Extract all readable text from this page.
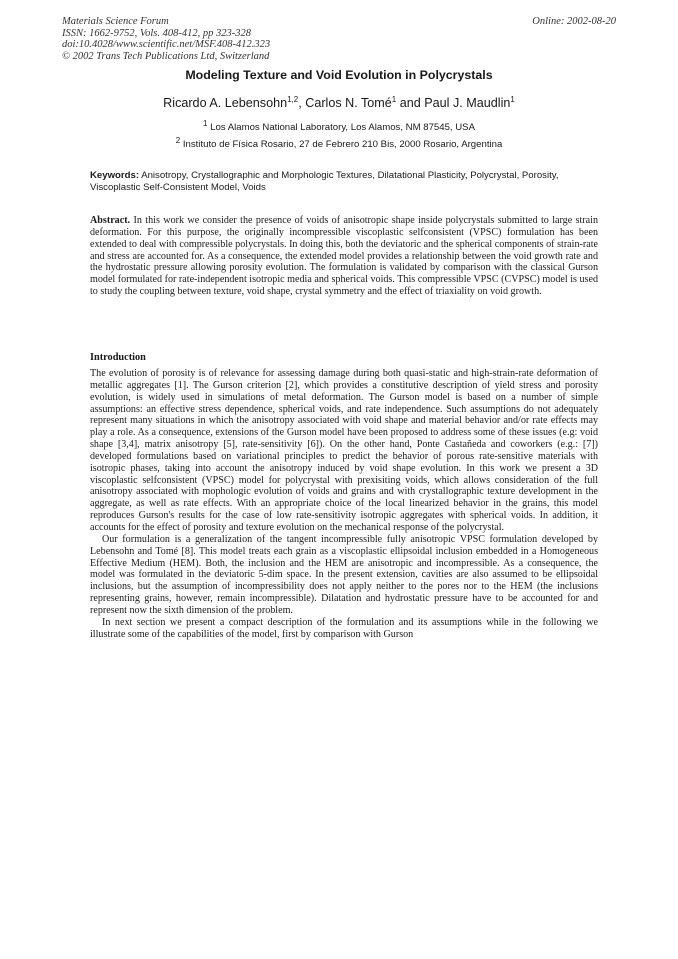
Materials Science Forum
ISSN: 1662-9752, Vols. 408-412, pp 323-328
doi:10.4028/www.scientific.net/MSF.408-412.323
© 2002 Trans Tech Publications Ltd, Switzerland
Online: 2002-08-20
Modeling Texture and Void Evolution in Polycrystals
Ricardo A. Lebensohn$^{1,2}$, Carlos N. Tomé$^1$ and Paul J. Maudlin$^1$
$^1$ Los Alamos National Laboratory, Los Alamos, NM 87545, USA
$^2$ Instituto de Física Rosario, 27 de Febrero 210 Bis, 2000 Rosario, Argentina
Keywords: Anisotropy, Crystallographic and Morphologic Textures, Dilatational Plasticity, Polycrystal, Porosity, Viscoplastic Self-Consistent Model, Voids
Abstract. In this work we consider the presence of voids of anisotropic shape inside polycrystals submitted to large strain deformation. For this purpose, the originally incompressible viscoplastic selfconsistent (VPSC) formulation has been extended to deal with compressible polycrystals. In doing this, both the deviatoric and the spherical components of strain-rate and stress are accounted for. As a consequence, the extended model provides a relationship between the void growth rate and the hydrostatic pressure allowing porosity evolution. The formulation is validated by comparison with the classical Gurson model formulated for rate-independent isotropic media and spherical voids. This compressible VPSC (CVPSC) model is used to study the coupling between texture, void shape, crystal symmetry and the effect of triaxiality on void growth.
Introduction

The evolution of porosity is of relevance for assessing damage during both quasi-static and high-strain-rate deformation of metallic aggregates [1]. The Gurson criterion [2], which provides a constitutive description of yield stress and porosity evolution, is widely used in simulations of metal deformation. The Gurson model is based on a number of simple assumptions: an effective stress dependence, spherical voids, and rate independence. Such assumptions do not adequately represent many situations in which the anisotropy associated with void shape and material behavior and/or rate effects may play a role. As a consequence, extensions of the Gurson model have been proposed to address some of these issues (e.g: void shape [3,4], matrix anisotropy [5], rate-sensitivity [6]). On the other hand, Ponte Castañeda and coworkers (e.g.: [7]) developed formulations based on variational principles to predict the behavior of porous rate-sensitive materials with isotropic phases, taking into account the anisotropy induced by void shape evolution. In this work we present a 3D viscoplastic selfconsistent (VPSC) model for polycrystal with prexisiting voids, which allows consideration of the full anisotropy associated with mophologic evolution of voids and grains and with crystallographic texture development in the aggregate, as well as rate effects. With an appropriate choice of the local linearized behavior in the grains, this model reproduces Gurson's results for the case of low rate-sensitivity isotropic aggregates with spherical voids. In addition, it accounts for the effect of porosity and texture evolution on the mechanical response of the polycrystal.

Our formulation is a generalization of the tangent incompressible fully anisotropic VPSC formulation developed by Lebensohn and Tomé [8]. This model treats each grain as a viscoplastic ellipsoidal inclusion embedded in a Homogeneous Effective Medium (HEM). Both, the inclusion and the HEM are anisotropic and incompressible. As a consequence, the model was formulated in the deviatoric 5-dim space. In the present extension, cavities are also assumed to be ellipsoidal inclusions, but the assumption of incompressibility does not apply neither to the pores nor to the HEM (the inclusions representing grains, however, remain incompressible). Dilatation and hydrostatic pressure have to be accounted for and represent now the sixth dimension of the problem.

In next section we present a compact description of the formulation and its assumptions while in the following we illustrate some of the capabilities of the model, first by comparison with Gurson
